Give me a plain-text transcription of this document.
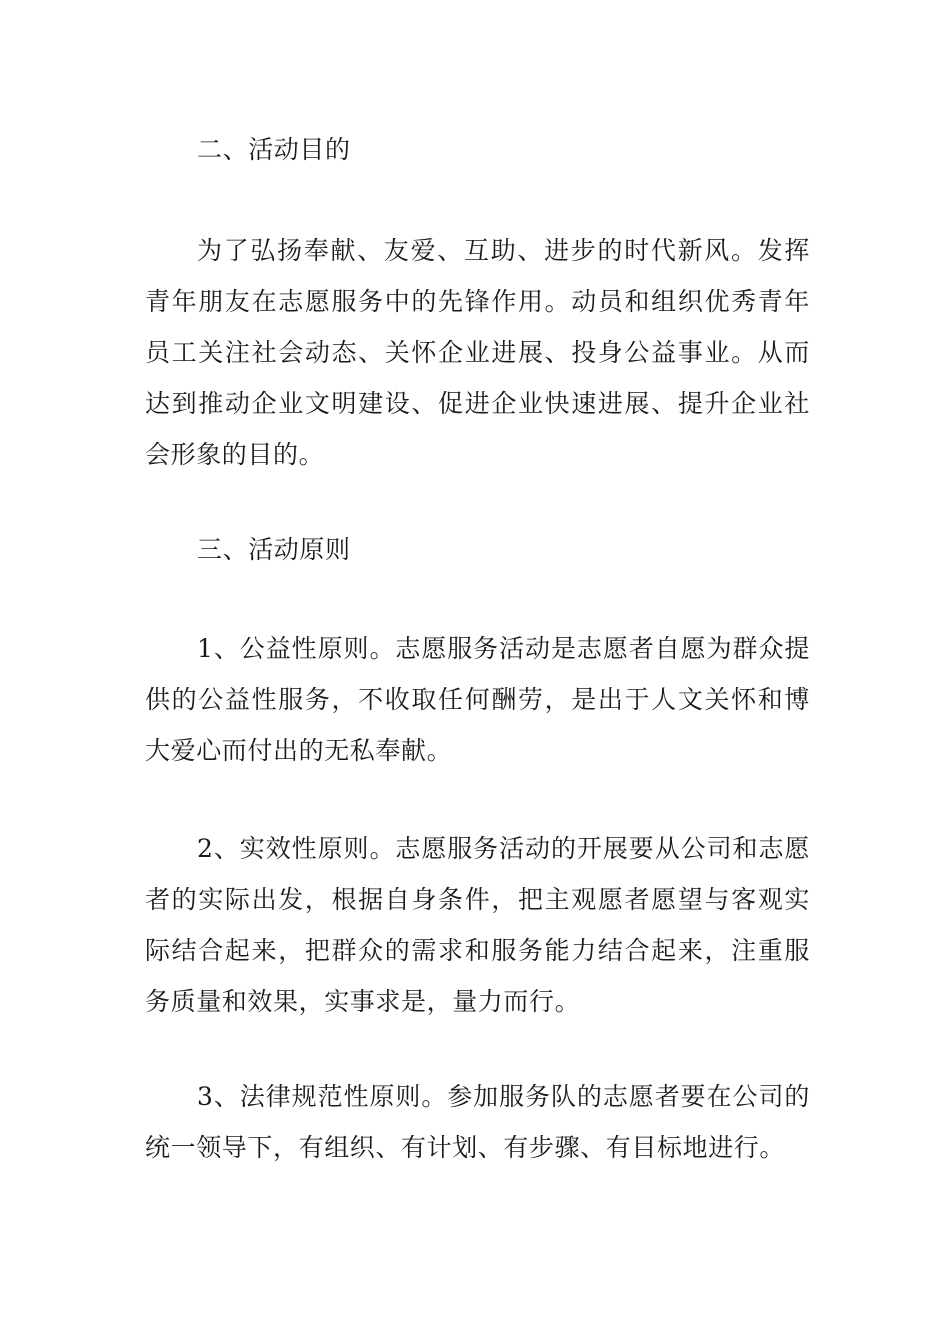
二、活动目的
为了弘扬奉献、友爱、互助、进步的时代新风。发挥青年朋友在志愿服务中的先锋作用。动员和组织优秀青年员工关注社会动态、关怀企业进展、投身公益事业。从而达到推动企业文明建设、促进企业快速进展、提升企业社会形象的目的。
三、活动原则
1、公益性原则。志愿服务活动是志愿者自愿为群众提供的公益性服务，不收取任何酬劳，是出于人文关怀和博大爱心而付出的无私奉献。
2、实效性原则。志愿服务活动的开展要从公司和志愿者的实际出发，根据自身条件，把主观愿者愿望与客观实际结合起来，把群众的需求和服务能力结合起来，注重服务质量和效果，实事求是，量力而行。
3、法律规范性原则。参加服务队的志愿者要在公司的统一领导下，有组织、有计划、有步骤、有目标地进行。
